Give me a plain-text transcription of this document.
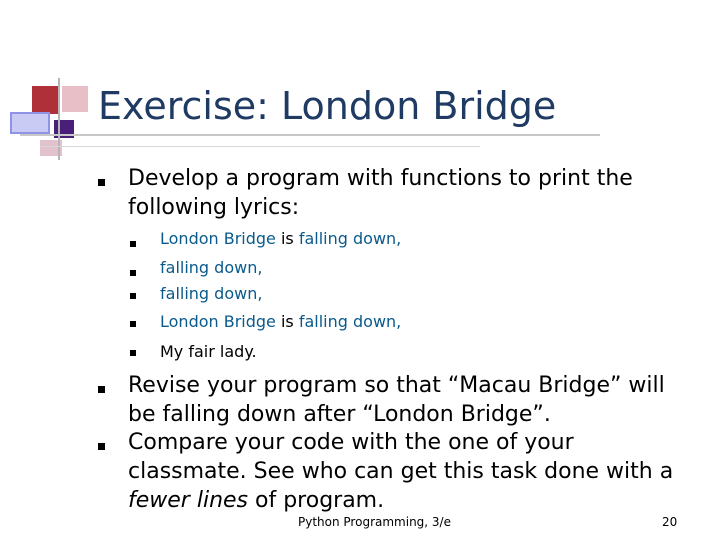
Exercise: London Bridge
Develop a program with functions to print the following lyrics:
London Bridge is falling down,
falling down,
falling down,
London Bridge is falling down,
My fair lady.
Revise your program so that “Macau Bridge” will be falling down after “London Bridge”.
Compare your code with the one of your classmate. See who can get this task done with a fewer lines of program.
Python Programming, 3/e	20
